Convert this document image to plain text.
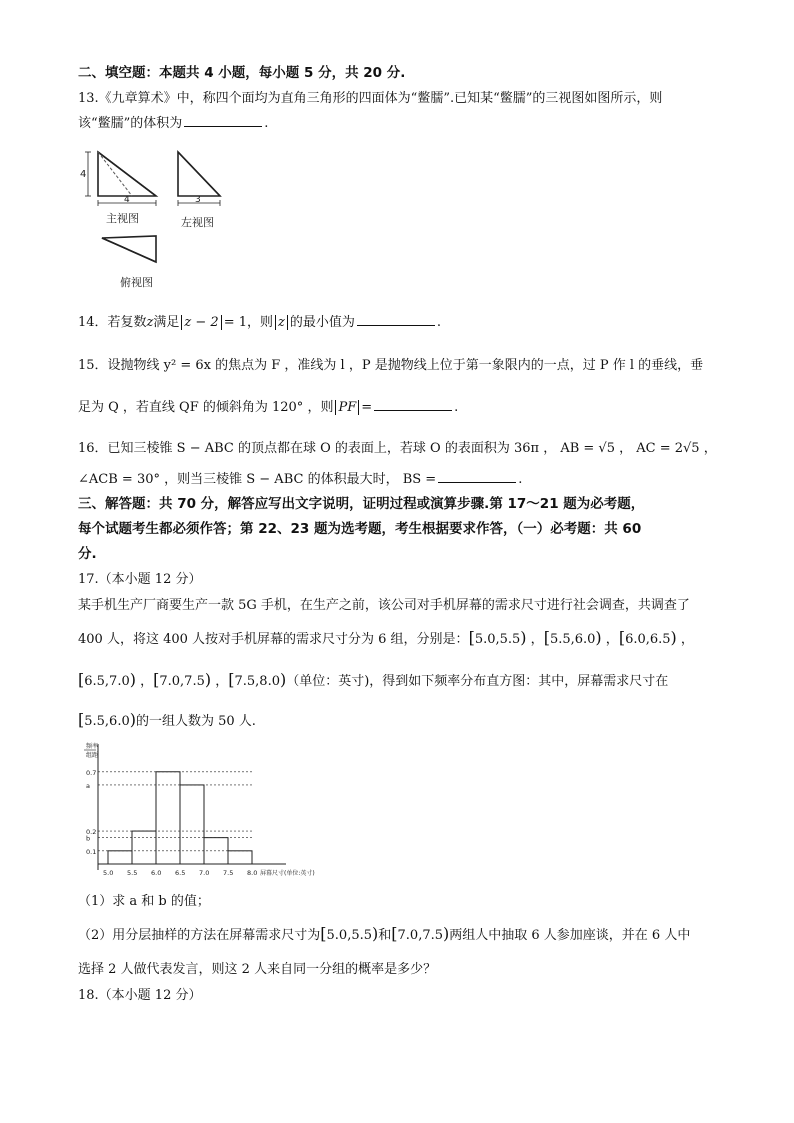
二、填空题：本题共 4 小题，每小题 5 分，共 20 分.
13.《九章算术》中，称四个面均为直角三角形的四面体为“鳖臑”.已知某“鳖臑”的三视图如图所示，则
该“鳖臑”的体积为	.
4
4
主视图
3
左视图
俯视图
14．若复数z满足 z − 2 = 1，则 z 的最小值为	.
15．设抛物线 y² = 6x 的焦点为 F ，准线为 l ，P 是抛物线上位于第一象限内的一点，过 P 作 l 的垂线，垂
足为 Q ，若直线 QF 的倾斜角为 120° ，则 PF =	.
16．已知三棱锥 S − ABC 的顶点都在球 O 的表面上，若球 O 的表面积为 36π ， AB = √5 ， AC = 2√5 ，
∠ACB = 30° ，则当三棱锥 S − ABC 的体积最大时， BS =	.
三、解答题：共 70 分，解答应写出文字说明，证明过程或演算步骤.第 17～21 题为必考题，
每个试题考生都必须作答；第 22、23 题为选考题，考生根据要求作答，（一）必考题：共 60
分.
17.（本小题 12 分）
某手机生产厂商要生产一款 5G 手机，在生产之前，该公司对手机屏幕的需求尺寸进行社会调查，共调查了
400 人，将这 400 人按对手机屏幕的需求尺寸分为 6 组，分别是：[5.0,5.5) ，[5.5,6.0) ，[6.0,6.5) ，
[6.5,7.0) ，[7.0,7.5) ，[7.5,8.0)（单位：英寸)，得到如下频率分布直方图：其中，屏幕需求尺寸在
[5.5,6.0)的一组人数为 50 人.
频率
组距
0.7
a
0.2
b
0.1
5.0 5.5 6.0 6.5 7.0 7.5 8.0 屏幕尺寸(单位:英寸)
（1）求 a 和 b 的值；
（2）用分层抽样的方法在屏幕需求尺寸为[5.0,5.5)和[7.0,7.5)两组人中抽取 6 人参加座谈，并在 6 人中
选择 2 人做代表发言，则这 2 人来自同一分组的概率是多少？
18.（本小题 12 分）
